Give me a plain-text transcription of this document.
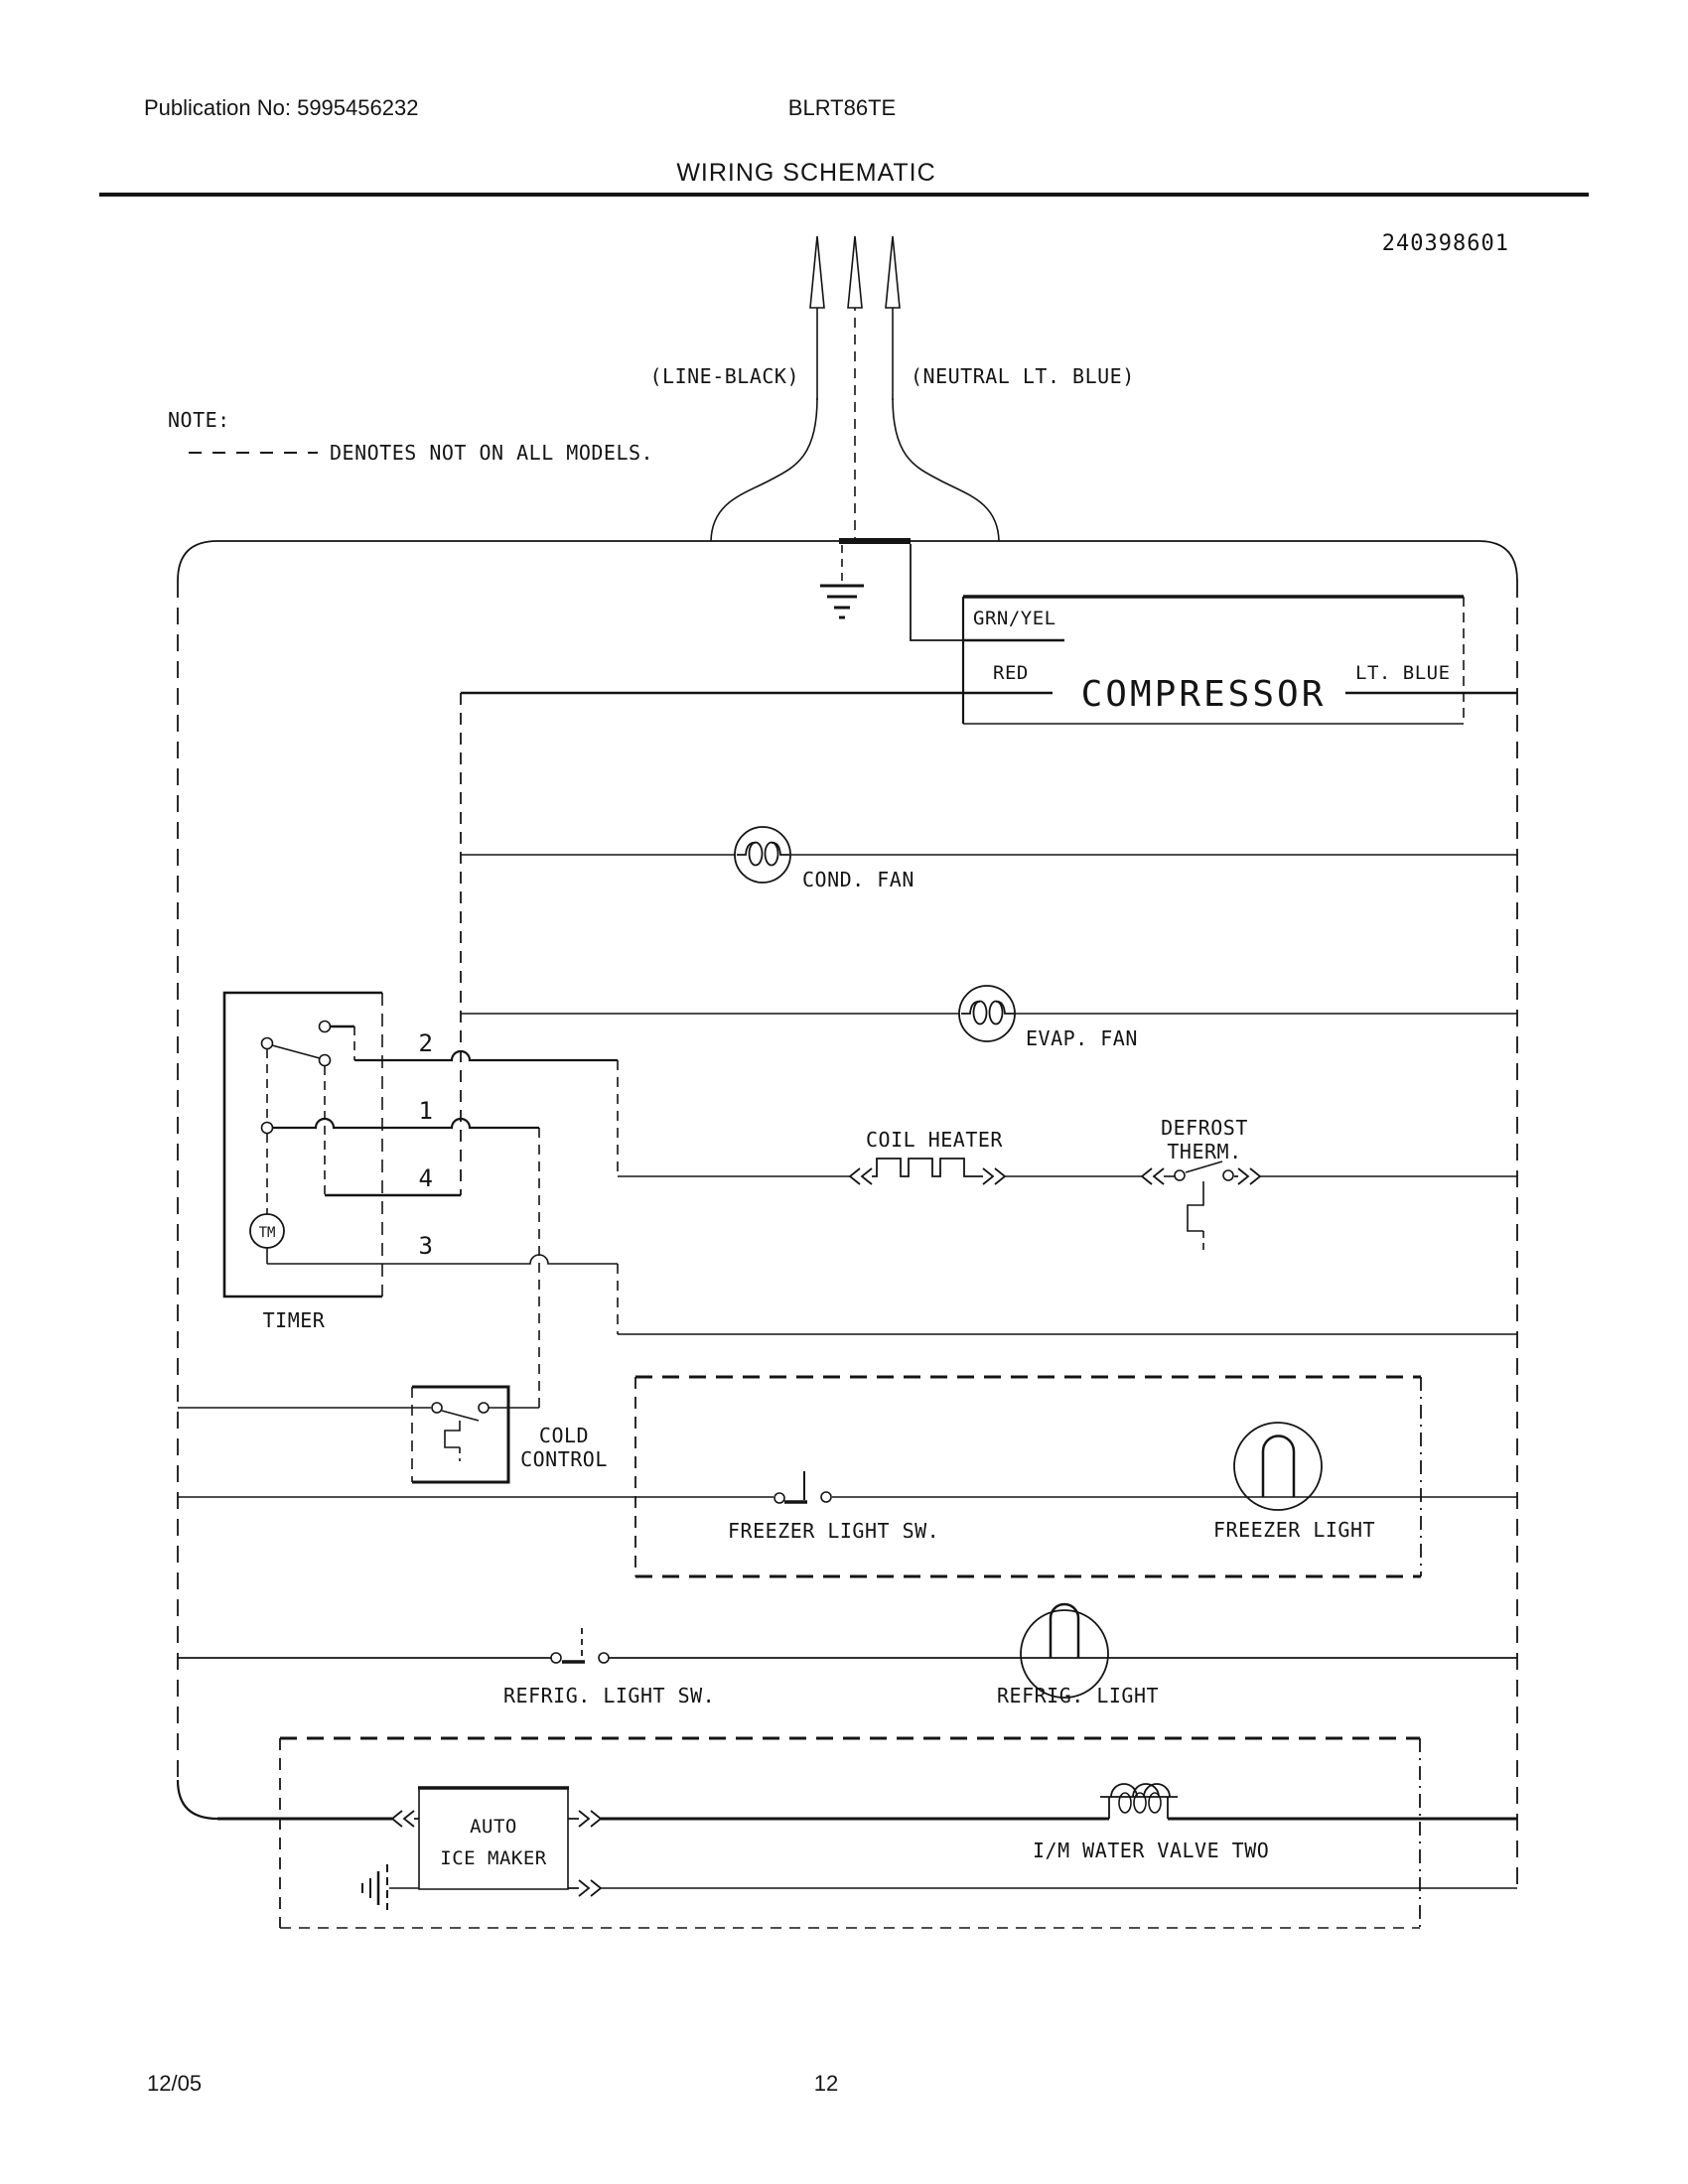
Publication No: 5995456232	BLRT86TE
WIRING SCHEMATIC
240398601
NOTE:
DENOTES NOT ON ALL MODELS.
(LINE-BLACK)	(NEUTRAL LT. BLUE)
GRN/YEL
RED	LT. BLUE
COMPRESSOR
COND. FAN
EVAP. FAN
TM
2
1
4
3
TIMER
COIL HEATER	DEFROST
THERM.
COLD
CONTROL
FREEZER LIGHT SW.	FREEZER LIGHT
REFRIG. LIGHT SW.	REFRIG. LIGHT
AUTO
ICE MAKER	I/M WATER VALVE TWO
12/05	12
